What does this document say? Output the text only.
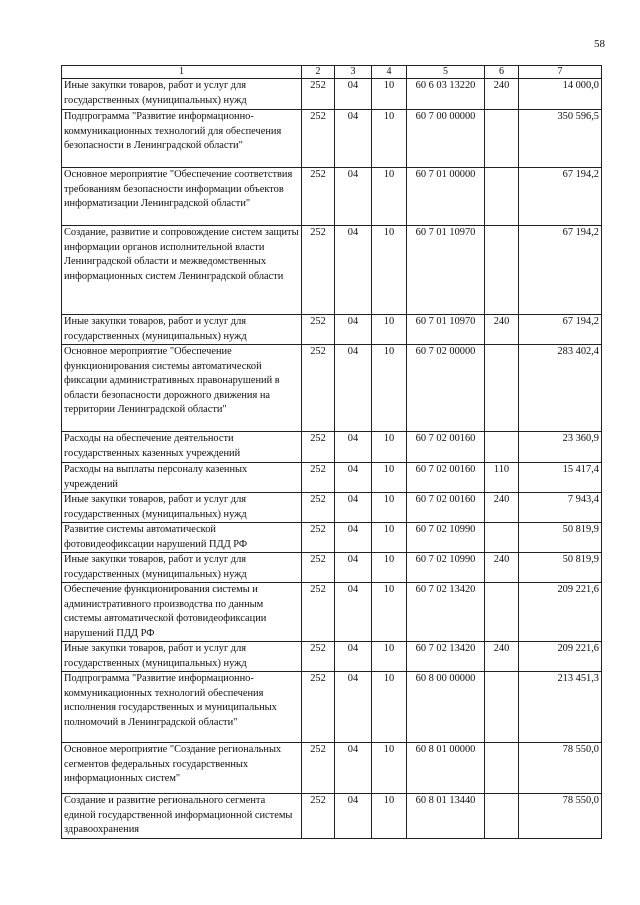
58
1	2	3	4	5	6	7
Иные закупки товаров, работ и услуг для государственных (муниципальных) нужд	252	04	10	60 6 03 13220	240	14 000,0
Подпрограмма "Развитие информационно-коммуникационных технологий для обеспечения безопасности в Ленинградской области"	252	04	10	60 7 00 00000		350 596,5
Основное мероприятие "Обеспечение соответствия требованиям безопасности информации объектов информатизации Ленинградской области"	252	04	10	60 7 01 00000		67 194,2
Создание, развитие и сопровождение систем защиты информации органов исполнительной власти Ленинградской области и межведомственных информационных систем Ленинградской области	252	04	10	60 7 01 10970		67 194,2
Иные закупки товаров, работ и услуг для государственных (муниципальных) нужд	252	04	10	60 7 01 10970	240	67 194,2
Основное мероприятие "Обеспечение функционирования системы автоматической фиксации административных правонарушений в области безопасности дорожного движения на территории Ленинградской области"	252	04	10	60 7 02 00000		283 402,4
Расходы на обеспечение деятельности государственных казенных учреждений	252	04	10	60 7 02 00160		23 360,9
Расходы на выплаты персоналу казенных учреждений	252	04	10	60 7 02 00160	110	15 417,4
Иные закупки товаров, работ и услуг для государственных (муниципальных) нужд	252	04	10	60 7 02 00160	240	7 943,4
Развитие системы автоматической фотовидеофиксации нарушений ПДД РФ	252	04	10	60 7 02 10990		50 819,9
Иные закупки товаров, работ и услуг для государственных (муниципальных) нужд	252	04	10	60 7 02 10990	240	50 819,9
Обеспечение функционирования системы и административного производства по данным системы автоматической фотовидеофиксации нарушений ПДД РФ	252	04	10	60 7 02 13420		209 221,6
Иные закупки товаров, работ и услуг для государственных (муниципальных) нужд	252	04	10	60 7 02 13420	240	209 221,6
Подпрограмма "Развитие информационно-коммуникационных технологий обеспечения исполнения государственных и муниципальных полномочий в Ленинградской области"	252	04	10	60 8 00 00000		213 451,3
Основное мероприятие "Создание региональных сегментов федеральных государственных информационных систем"	252	04	10	60 8 01 00000		78 550,0
Создание и развитие регионального сегмента единой государственной информационной системы здравоохранения	252	04	10	60 8 01 13440		78 550,0
